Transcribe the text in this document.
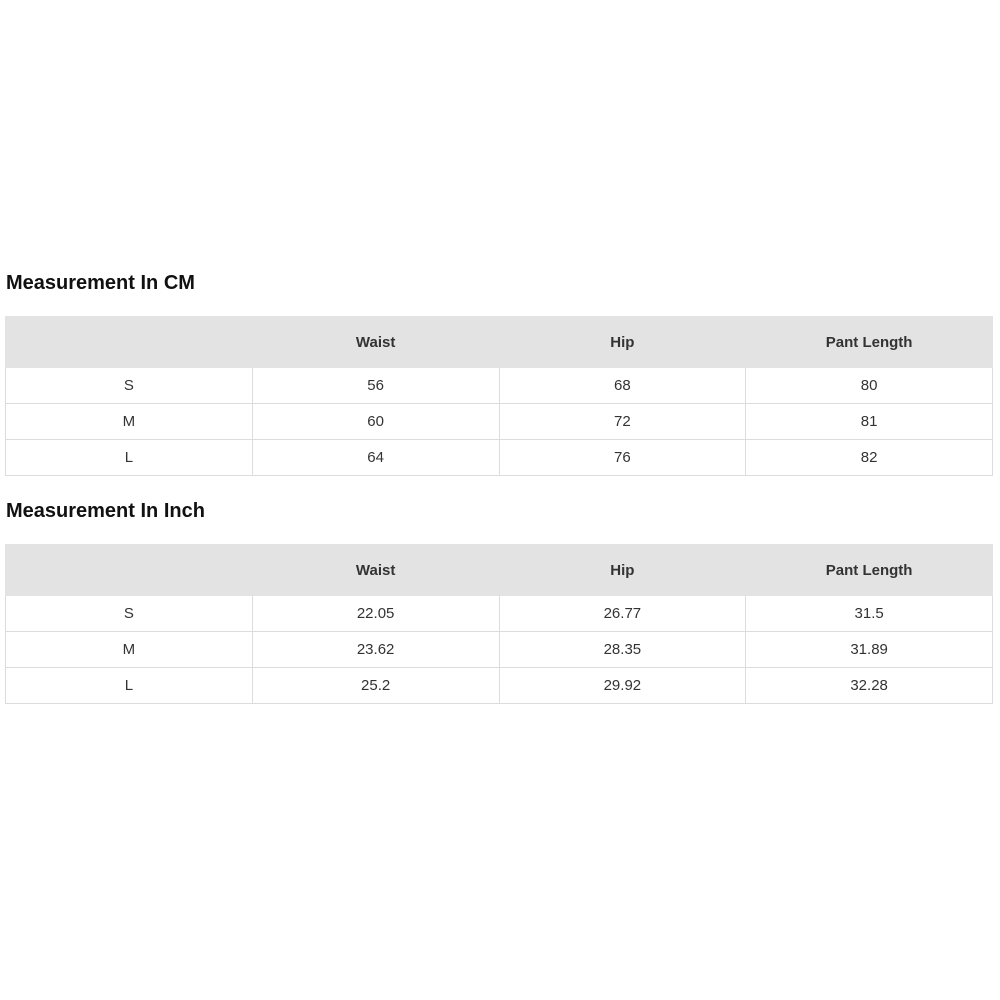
Measurement In CM
	Waist	Hip	Pant Length
S	56	68	80
M	60	72	81
L	64	76	82
Measurement In Inch
	Waist	Hip	Pant Length
S	22.05	26.77	31.5
M	23.62	28.35	31.89
L	25.2	29.92	32.28
